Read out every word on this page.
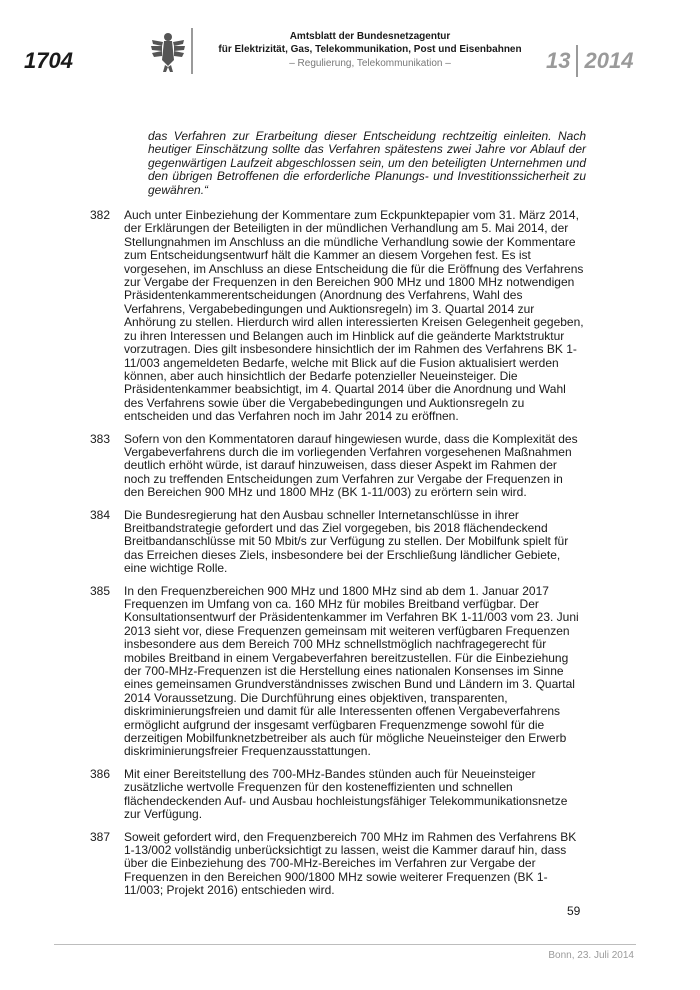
1704
Amtsblatt der Bundesnetzagentur
für Elektrizität, Gas, Telekommunikation, Post und Eisenbahnen
– Regulierung, Telekommunikation –	13 2014
das Verfahren zur Erarbeitung dieser Entscheidung rechtzeitig einleiten. Nach heutiger Einschätzung sollte das Verfahren spätestens zwei Jahre vor Ablauf der gegenwärtigen Laufzeit abgeschlossen sein, um den beteiligten Unternehmen und den übrigen Betroffenen die erforderliche Planungs- und Investitionssicherheit zu gewähren.“
382	Auch unter Einbeziehung der Kommentare zum Eckpunktepapier vom 31. März 2014, der Erklärungen der Beteiligten in der mündlichen Verhandlung am 5. Mai 2014, der Stellungnahmen im Anschluss an die mündliche Verhandlung sowie der Kommentare zum Entscheidungsentwurf hält die Kammer an diesem Vorgehen fest. Es ist vorgesehen, im Anschluss an diese Entscheidung die für die Eröffnung des Verfahrens zur Vergabe der Frequenzen in den Bereichen 900 MHz und 1800 MHz notwendigen Präsidentenkammerentscheidungen (Anordnung des Verfahrens, Wahl des Verfahrens, Vergabebedingungen und Auktionsregeln) im 3. Quartal 2014 zur Anhörung zu stellen. Hierdurch wird allen interessierten Kreisen Gelegenheit gegeben, zu ihren Interessen und Belangen auch im Hinblick auf die geänderte Marktstruktur vorzutragen. Dies gilt insbesondere hinsichtlich der im Rahmen des Verfahrens BK 1-11/003 angemeldeten Bedarfe, welche mit Blick auf die Fusion aktualisiert werden können, aber auch hinsichtlich der Bedarfe potenzieller Neueinsteiger. Die Präsidentenkammer beabsichtigt, im 4. Quartal 2014 über die Anordnung und Wahl des Verfahrens sowie über die Vergabebedingungen und Auktionsregeln zu entscheiden und das Verfahren noch im Jahr 2014 zu eröffnen.
383	Sofern von den Kommentatoren darauf hingewiesen wurde, dass die Komplexität des Vergabeverfahrens durch die im vorliegenden Verfahren vorgesehenen Maßnahmen deutlich erhöht würde, ist darauf hinzuweisen, dass dieser Aspekt im Rahmen der noch zu treffenden Entscheidungen zum Verfahren zur Vergabe der Frequenzen in den Bereichen 900 MHz und 1800 MHz (BK 1-11/003) zu erörtern sein wird.
384	Die Bundesregierung hat den Ausbau schneller Internetanschlüsse in ihrer Breitbandstrategie gefordert und das Ziel vorgegeben, bis 2018 flächendeckend Breitbandanschlüsse mit 50 Mbit/s zur Verfügung zu stellen. Der Mobilfunk spielt für das Erreichen dieses Ziels, insbesondere bei der Erschließung ländlicher Gebiete, eine wichtige Rolle.
385	In den Frequenzbereichen 900 MHz und 1800 MHz sind ab dem 1. Januar 2017 Frequenzen im Umfang von ca. 160 MHz für mobiles Breitband verfügbar. Der Konsultationsentwurf der Präsidentenkammer im Verfahren BK 1-11/003 vom 23. Juni 2013 sieht vor, diese Frequenzen gemeinsam mit weiteren verfügbaren Frequenzen insbesondere aus dem Bereich 700 MHz schnellstmöglich nachfragegerecht für mobiles Breitband in einem Vergabeverfahren bereitzustellen. Für die Einbeziehung der 700-MHz-Frequenzen ist die Herstellung eines nationalen Konsenses im Sinne eines gemeinsamen Grundverständnisses zwischen Bund und Ländern im 3. Quartal 2014 Voraussetzung. Die Durchführung eines objektiven, transparenten, diskriminierungsfreien und damit für alle Interessenten offenen Vergabeverfahrens ermöglicht aufgrund der insgesamt verfügbaren Frequenzmenge sowohl für die derzeitigen Mobilfunknetzbetreiber als auch für mögliche Neueinsteiger den Erwerb diskriminierungsfreier Frequenzausstattungen.
386	Mit einer Bereitstellung des 700-MHz-Bandes stünden auch für Neueinsteiger zusätzliche wertvolle Frequenzen für den kosteneffizienten und schnellen flächendeckenden Auf- und Ausbau hochleistungsfähiger Telekommunikationsnetze zur Verfügung.
387	Soweit gefordert wird, den Frequenzbereich 700 MHz im Rahmen des Verfahrens BK 1-13/002 vollständig unberücksichtigt zu lassen, weist die Kammer darauf hin, dass über die Einbeziehung des 700-MHz-Bereiches im Verfahren zur Vergabe der Frequenzen in den Bereichen 900/1800 MHz sowie weiterer Frequenzen (BK 1-11/003; Projekt 2016) entschieden wird.
59
Bonn, 23. Juli 2014
